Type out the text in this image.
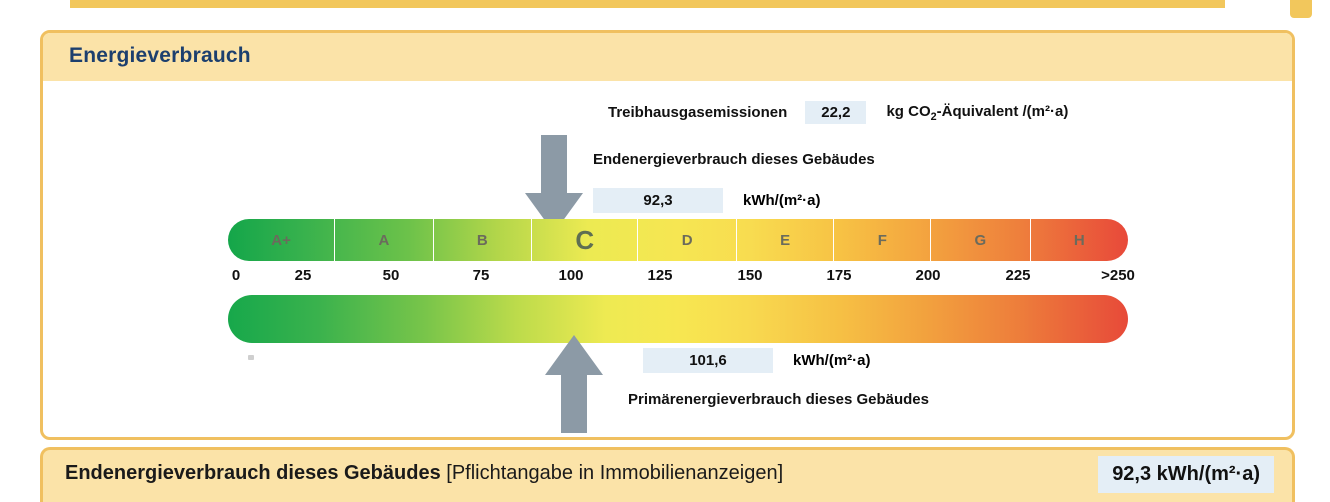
Energieverbrauch
Treibhausgasemissionen	22,2	kg $CO_2$-Äquivalent /(m²·a)
Endenergieverbrauch dieses Gebäudes
92,3	kWh/(m²·a)
A+	A	B	C	D	E	F	G	H
0	25	50	75	100	125	150	175	200	225	>250
101,6	kWh/(m²·a)
Primärenergieverbrauch dieses Gebäudes
Endenergieverbrauch dieses Gebäudes [Pflichtangabe in Immobilienanzeigen]	92,3 kWh/(m²·a)
